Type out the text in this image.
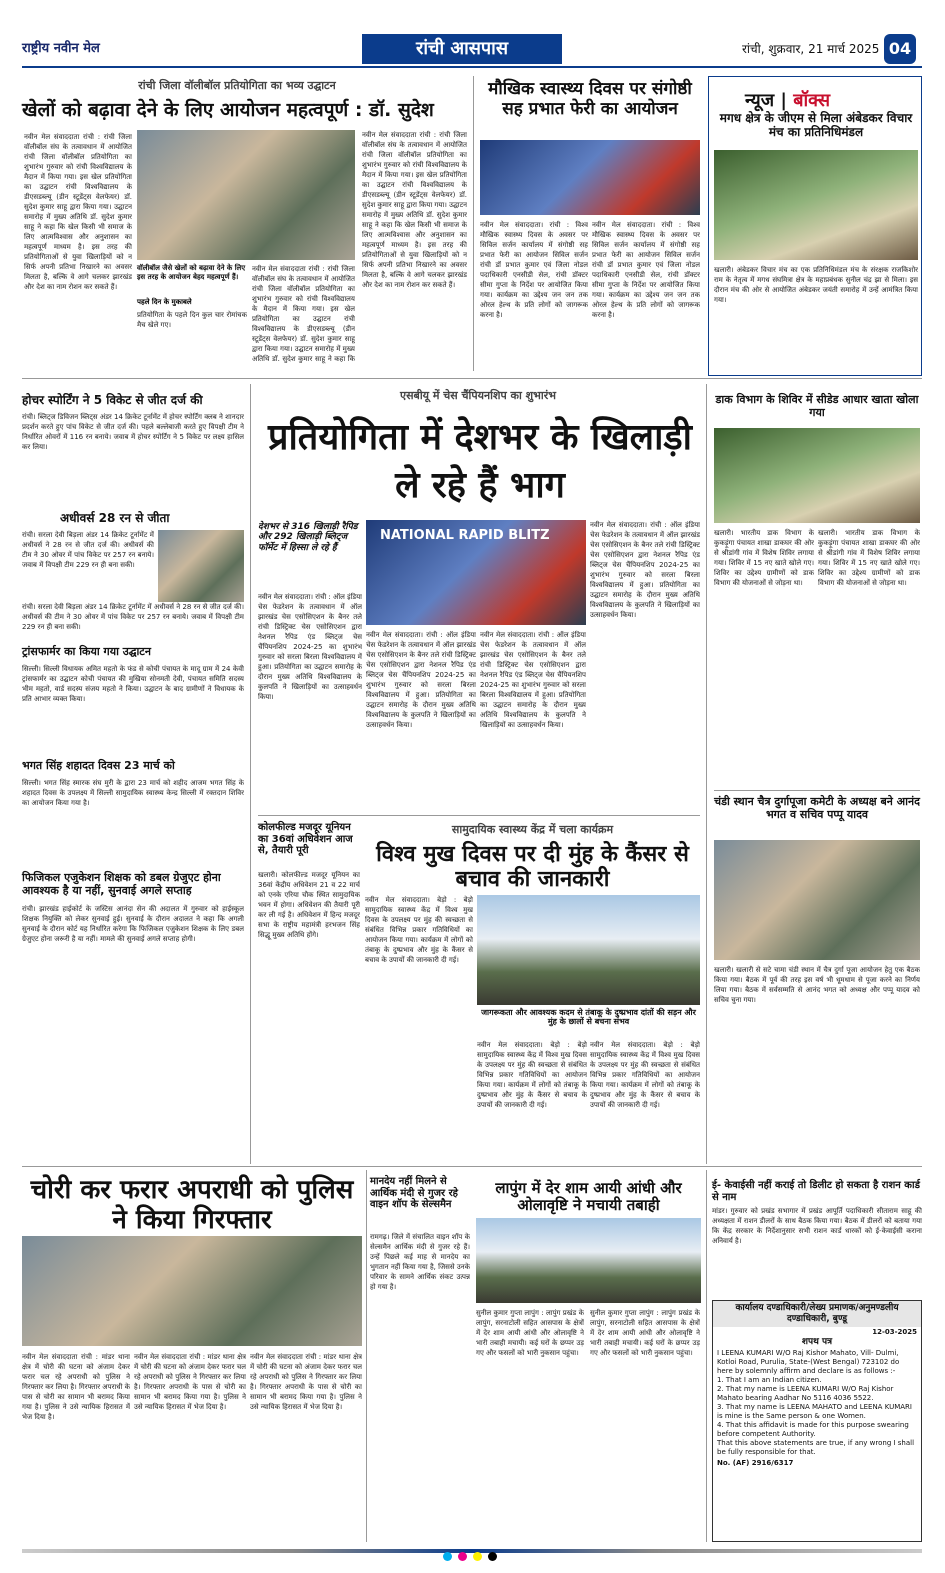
राष्ट्रीय नवीन मेल	रांची आसपास	रांची, शुक्रवार, 21 मार्च 2025 04
रांची जिला वॉलीबॉल प्रतियोगिता का भव्य उद्घाटन
खेलों को बढ़ावा देने के लिए आयोजन महत्वपूर्ण : डॉ. सुदेश
नवीन मेल संवाददाता रांची : रांची जिला वॉलीबॉल संघ के तत्वावधान में आयोजित रांची जिला वॉलीबॉल प्रतियोगिता का शुभारंभ गुरुवार को रांची विश्वविद्यालय के मैदान में किया गया। इस खेल प्रतियोगिता का उद्घाटन रांची विश्वविद्यालय के डीएसडब्ल्यू (डीन स्टूडेंट्स वेलफेयर) डॉ. सुदेश कुमार साहू द्वारा किया गया। उद्घाटन समारोह में मुख्य अतिथि डॉ. सुदेश कुमार साहू ने कहा कि खेल किसी भी समाज के लिए आत्मविश्वास और अनुशासन का महत्वपूर्ण माध्यम है। इस तरह की प्रतियोगिताओं से युवा खिलाड़ियों को न सिर्फ अपनी प्रतिभा निखारने का अवसर मिलता है, बल्कि वे आगे चलकर झारखंड और देश का नाम रोशन कर सकते हैं।
वॉलीबॉल जैसे खेलों को बढ़ावा देने के लिए इस तरह के आयोजन बेहद महत्वपूर्ण हैं।
पहले दिन के मुकाबले
प्रतियोगिता के पहले दिन कुल चार रोमांचक मैच खेले गए।
नवीन मेल संवाददाता रांची : रांची जिला वॉलीबॉल संघ के तत्वावधान में आयोजित रांची जिला वॉलीबॉल प्रतियोगिता का शुभारंभ गुरुवार को रांची विश्वविद्यालय के मैदान में किया गया। इस खेल प्रतियोगिता का उद्घाटन रांची विश्वविद्यालय के डीएसडब्ल्यू (डीन स्टूडेंट्स वेलफेयर) डॉ. सुदेश कुमार साहू द्वारा किया गया। उद्घाटन समारोह में मुख्य अतिथि डॉ. सुदेश कुमार साहू ने कहा कि
नवीन मेल संवाददाता रांची : रांची जिला वॉलीबॉल संघ के तत्वावधान में आयोजित रांची जिला वॉलीबॉल प्रतियोगिता का शुभारंभ गुरुवार को रांची विश्वविद्यालय के मैदान में किया गया। इस खेल प्रतियोगिता का उद्घाटन रांची विश्वविद्यालय के डीएसडब्ल्यू (डीन स्टूडेंट्स वेलफेयर) डॉ. सुदेश कुमार साहू द्वारा किया गया। उद्घाटन समारोह में मुख्य अतिथि डॉ. सुदेश कुमार साहू ने कहा कि खेल किसी भी समाज के लिए आत्मविश्वास और अनुशासन का महत्वपूर्ण माध्यम है। इस तरह की प्रतियोगिताओं से युवा खिलाड़ियों को न सिर्फ अपनी प्रतिभा निखारने का अवसर मिलता है, बल्कि वे आगे चलकर झारखंड और देश का नाम रोशन कर सकते हैं।
मौखिक स्वास्थ्य दिवस पर संगोष्ठी सह प्रभात फेरी का आयोजन
नवीन मेल संवाददाता। रांची : विश्व मौखिक स्वास्थ्य दिवस के अवसर पर सिविल सर्जन कार्यालय में संगोष्ठी सह प्रभात फेरी का आयोजन सिविल सर्जन रांची डॉ प्रभात कुमार एवं जिला नोडल पदाधिकारी एनसीडी सेल, रांची डॉक्टर सीमा गुप्ता के निर्देश पर आयोजित किया गया। कार्यक्रम का उद्देश्य जन जन तक ओरल हेल्थ के प्रति लोगों को जागरूक करना है।
नवीन मेल संवाददाता। रांची : विश्व मौखिक स्वास्थ्य दिवस के अवसर पर सिविल सर्जन कार्यालय में संगोष्ठी सह प्रभात फेरी का आयोजन सिविल सर्जन रांची डॉ प्रभात कुमार एवं जिला नोडल पदाधिकारी एनसीडी सेल, रांची डॉक्टर सीमा गुप्ता के निर्देश पर आयोजित किया गया। कार्यक्रम का उद्देश्य जन जन तक ओरल हेल्थ के प्रति लोगों को जागरूक करना है।
न्यूज | बॉक्स
मगध क्षेत्र के जीएम से मिला अंबेडकर विचार मंच का प्रतिनिधिमंडल
खलारी। अंबेडकर विचार मंच का एक प्रतिनिधिमंडल मंच के संरक्षक राजकिशोर राम के नेतृत्व में मगध संघमित्रा क्षेत्र के महाप्रबंधक सुनील चंद्र झा से मिला। इस दौरान मंच की ओर से आयोजित अंबेडकर जयंती समारोह में उन्हें आमंत्रित किया गया।
होचर स्पोर्टिंग ने 5 विकेट से जीत दर्ज की
रांची। ब्लिट्ज डिविजन ब्लिट्स अंडर 14 क्रिकेट टूर्नामेंट में होचर स्पोर्टिंग क्लब ने शानदार प्रदर्शन करते हुए पांच विकेट से जीत दर्ज की। पहले बल्लेबाजी करते हुए विपक्षी टीम ने निर्धारित ओवरों में 116 रन बनाये। जवाब में होचर स्पोर्टिंग ने 5 विकेट पर लक्ष्य हासिल कर लिया।
अधीवर्स 28 रन से जीता
रांची। सरला देवी बिड़ला अंडर 14 क्रिकेट टूर्नामेंट में अधीवर्स ने 28 रन से जीत दर्ज की। अधीवर्स की टीम ने 30 ओवर में पांच विकेट पर 257 रन बनाये। जवाब में विपक्षी टीम 229 रन ही बना सकी।
रांची। सरला देवी बिड़ला अंडर 14 क्रिकेट टूर्नामेंट में अधीवर्स ने 28 रन से जीत दर्ज की। अधीवर्स की टीम ने 30 ओवर में पांच विकेट पर 257 रन बनाये। जवाब में विपक्षी टीम 229 रन ही बना सकी।
ट्रांसफार्मर का किया गया उद्घाटन
सिल्ली। सिल्ली विधायक अमित महतो के फंड से कोची पंचायत के मादू ग्राम में 24 केवी ट्रांसफार्मर का उद्घाटन कोची पंचायत की मुखिया सोनमती देवी, पंचायत समिति सदस्य भीम महतो, वार्ड सदस्य संजय महतो ने किया। उद्घाटन के बाद ग्रामीणों ने विधायक के प्रति आभार व्यक्त किया।
भगत सिंह शहादत दिवस 23 मार्च को
सिल्ली। भगत सिंह स्मारक संघ मुरी के द्वारा 23 मार्च को शहीद आजम भगत सिंह के शहादत दिवस के उपलक्ष्य में सिल्ली सामुदायिक स्वास्थ्य केन्द्र सिल्ली में रक्तदान शिविर का आयोजन किया गया है।
फिजिकल एजुकेशन शिक्षक को डबल ग्रेजुएट होना आवश्यक है या नहीं, सुनवाई अगले सप्ताह
रांची। झारखंड हाईकोर्ट के जस्टिस आनंदा सेन की अदालत में गुरुवार को हाईस्कूल शिक्षक नियुक्ति को लेकर सुनवाई हुई। सुनवाई के दौरान अदालत ने कहा कि अगली सुनवाई के दौरान कोर्ट यह निर्धारित करेगा कि फिजिकल एजुकेशन शिक्षक के लिए डबल ग्रेजुएट होना जरूरी है या नहीं। मामले की सुनवाई अगले सप्ताह होगी।
एसबीयू में चेस चैंपियनशिप का शुभारंभ
प्रतियोगिता में देशभर के खिलाड़ी ले रहे हैं भाग
देशभर से 316 खिलाड़ी रैपिड और 292 खिलाड़ी ब्लिट्ज फॉर्मेट में हिस्सा ले रहे हैं
NATIONAL RAPID BLITZ
नवीन मेल संवाददाता। रांची : ऑल इंडिया चेस फेडरेशन के तत्वावधान में ऑल झारखंड चेस एसोसिएशन के बैनर तले रांची डिस्ट्रिक्ट चेस एसोसिएशन द्वारा नेशनल रैपिड एंड ब्लिट्ज चेस चैंपियनशिप 2024-25 का शुभारंभ गुरुवार को सरला बिरला विश्वविद्यालय में हुआ। प्रतियोगिता का उद्घाटन समारोह के दौरान मुख्य अतिथि विश्वविद्यालय के कुलपति ने खिलाड़ियों का उत्साहवर्धन किया।
नवीन मेल संवाददाता। रांची : ऑल इंडिया चेस फेडरेशन के तत्वावधान में ऑल झारखंड चेस एसोसिएशन के बैनर तले रांची डिस्ट्रिक्ट चेस एसोसिएशन द्वारा नेशनल रैपिड एंड ब्लिट्ज चेस चैंपियनशिप 2024-25 का शुभारंभ गुरुवार को सरला बिरला विश्वविद्यालय में हुआ। प्रतियोगिता का उद्घाटन समारोह के दौरान मुख्य अतिथि विश्वविद्यालय के कुलपति ने खिलाड़ियों का उत्साहवर्धन किया।
नवीन मेल संवाददाता। रांची : ऑल इंडिया चेस फेडरेशन के तत्वावधान में ऑल झारखंड चेस एसोसिएशन के बैनर तले रांची डिस्ट्रिक्ट चेस एसोसिएशन द्वारा नेशनल रैपिड एंड ब्लिट्ज चेस चैंपियनशिप 2024-25 का शुभारंभ गुरुवार को सरला बिरला विश्वविद्यालय में हुआ। प्रतियोगिता का उद्घाटन समारोह के दौरान मुख्य अतिथि विश्वविद्यालय के कुलपति ने खिलाड़ियों का उत्साहवर्धन किया।
नवीन मेल संवाददाता। रांची : ऑल इंडिया चेस फेडरेशन के तत्वावधान में ऑल झारखंड चेस एसोसिएशन के बैनर तले रांची डिस्ट्रिक्ट चेस एसोसिएशन द्वारा नेशनल रैपिड एंड ब्लिट्ज चेस चैंपियनशिप 2024-25 का शुभारंभ गुरुवार को सरला बिरला विश्वविद्यालय में हुआ। प्रतियोगिता का उद्घाटन समारोह के दौरान मुख्य अतिथि विश्वविद्यालय के कुलपति ने खिलाड़ियों का उत्साहवर्धन किया।
कोलफील्ड मजदूर यूनियन का 36वां अधिवेशन आज से, तैयारी पूरी
खलारी। कोलफील्ड मजदूर यूनियन का 36वां केंद्रीय अधिवेशन 21 व 22 मार्च को एनके एरिया चौक स्थित सामुदायिक भवन में होगा। अधिवेशन की तैयारी पूरी कर ली गई है। अधिवेशन में हिन्द मजदूर सभा के राष्ट्रीय महामंत्री हरभजन सिंह सिद्धू मुख्य अतिथि होंगे।
सामुदायिक स्वास्थ्य केंद्र में चला कार्यक्रम
विश्व मुख दिवस पर दी मुंह के कैंसर से बचाव की जानकारी
नवीन मेल संवाददाता। बेड़ो : बेड़ो सामुदायिक स्वास्थ्य केंद्र में विश्व मुख दिवस के उपलक्ष्य पर मुंह की स्वच्छता से संबंधित विभिन्न प्रकार गतिविधियों का आयोजन किया गया। कार्यक्रम में लोगों को तंबाकू के दुष्प्रभाव और मुंह के कैंसर से बचाव के उपायों की जानकारी दी गई।
जागरूकता और आवश्यक कदम से तंबाकू के दुष्प्रभाव दांतों की सड़न और मुंह के छालों से बचना संभव
नवीन मेल संवाददाता। बेड़ो : बेड़ो सामुदायिक स्वास्थ्य केंद्र में विश्व मुख दिवस के उपलक्ष्य पर मुंह की स्वच्छता से संबंधित विभिन्न प्रकार गतिविधियों का आयोजन किया गया। कार्यक्रम में लोगों को तंबाकू के दुष्प्रभाव और मुंह के कैंसर से बचाव के उपायों की जानकारी दी गई।
नवीन मेल संवाददाता। बेड़ो : बेड़ो सामुदायिक स्वास्थ्य केंद्र में विश्व मुख दिवस के उपलक्ष्य पर मुंह की स्वच्छता से संबंधित विभिन्न प्रकार गतिविधियों का आयोजन किया गया। कार्यक्रम में लोगों को तंबाकू के दुष्प्रभाव और मुंह के कैंसर से बचाव के उपायों की जानकारी दी गई।
डाक विभाग के शिविर में सीडेड आधार खाता खोला गया
खलारी। भारतीय डाक विभाग के कुकड़ूंगा पंचायत शाखा डाकघर की ओर से श्रीडांगी गांव में विशेष शिविर लगाया गया। शिविर में 15 नए खाते खोले गए। शिविर का उद्देश्य ग्रामीणों को डाक विभाग की योजनाओं से जोड़ना था।
खलारी। भारतीय डाक विभाग के कुकड़ूंगा पंचायत शाखा डाकघर की ओर से श्रीडांगी गांव में विशेष शिविर लगाया गया। शिविर में 15 नए खाते खोले गए। शिविर का उद्देश्य ग्रामीणों को डाक विभाग की योजनाओं से जोड़ना था।
चंडी स्थान चैत्र दुर्गापूजा कमेटी के अध्यक्ष बने आनंद भगत व सचिव पप्पू यादव
खलारी। खलारी से सटे चामा चंडी स्थान में चैत्र दुर्गा पूजा आयोजन हेतु एक बैठक किया गया। बैठक में पूर्व की तरह इस वर्ष भी धूमधाम से पूजा करने का निर्णय लिया गया। बैठक में सर्वसम्मति से आनंद भगत को अध्यक्ष और पप्पू यादव को सचिव चुना गया।
चोरी कर फरार अपराधी को पुलिस ने किया गिरफ्तार
नवीन मेल संवाददाता रांची : मांडर थाना क्षेत्र में चोरी की घटना को अंजाम देकर फरार चल रहे अपराधी को पुलिस ने गिरफ्तार कर लिया है। गिरफ्तार अपराधी के पास से चोरी का सामान भी बरामद किया गया है। पुलिस ने उसे न्यायिक हिरासत में भेज दिया है।
नवीन मेल संवाददाता रांची : मांडर थाना क्षेत्र में चोरी की घटना को अंजाम देकर फरार चल रहे अपराधी को पुलिस ने गिरफ्तार कर लिया है। गिरफ्तार अपराधी के पास से चोरी का सामान भी बरामद किया गया है। पुलिस ने उसे न्यायिक हिरासत में भेज दिया है।
नवीन मेल संवाददाता रांची : मांडर थाना क्षेत्र में चोरी की घटना को अंजाम देकर फरार चल रहे अपराधी को पुलिस ने गिरफ्तार कर लिया है। गिरफ्तार अपराधी के पास से चोरी का सामान भी बरामद किया गया है। पुलिस ने उसे न्यायिक हिरासत में भेज दिया है।
मानदेय नहीं मिलने से आर्थिक मंदी से गुजर रहे वाइन शॉप के सेल्समैन
रामगढ़। जिले में संचालित वाइन शॉप के सेल्समैन आर्थिक मंदी से गुजर रहे हैं। उन्हें पिछले कई माह से मानदेय का भुगतान नहीं किया गया है, जिससे उनके परिवार के सामने आर्थिक संकट उत्पन्न हो गया है।
लापुंग में देर शाम आयी आंधी और ओलावृष्टि ने मचायी तबाही
सुनील कुमार गुप्ता लापुंग : लापुंग प्रखंड के लापुंग, सरनाटोली सहित आसपास के क्षेत्रों में देर शाम आयी आंधी और ओलावृष्टि ने भारी तबाही मचायी। कई घरों के छप्पर उड़ गए और फसलों को भारी नुकसान पहुंचा।
सुनील कुमार गुप्ता लापुंग : लापुंग प्रखंड के लापुंग, सरनाटोली सहित आसपास के क्षेत्रों में देर शाम आयी आंधी और ओलावृष्टि ने भारी तबाही मचायी। कई घरों के छप्पर उड़ गए और फसलों को भारी नुकसान पहुंचा।
ई- केवाईसी नहीं कराई तो डिलीट हो सकता है राशन कार्ड से नाम
मांडर। गुरुवार को प्रखंड सभागार में प्रखंड आपूर्ति पदाधिकारी सीताराम साहू की अध्यक्षता में राशन डीलरों के साथ बैठक किया गया। बैठक में डीलरों को बताया गया कि केंद्र सरकार के निर्देशानुसार सभी राशन कार्ड धारकों को ई-केवाईसी कराना अनिवार्य है।
कार्यालय दण्डाधिकारी/लेख्य प्रमाणक/अनुमण्डलीय दण्डाधिकारी, बुण्डू
12-03-2025
शपथ पत्र
I LEENA KUMARI W/O Raj Kishor Mahato, Vill- Dulmi, Kotloi Road, Purulia, State-(West Bengal) 723102 do here by solemnly affirm and declare is as follows :-
1. That I am an Indian citizen.
2. That my name is LEENA KUMARI W/O Raj Kishor Mahato bearing Aadhar No 5116 4036 5522.
3. That my name is LEENA MAHATO and LEENA KUMARI is mine is the Same person & one Women.
4. That this affidavit is made for this purpose swearing before competent Authority.
That this above statements are true, if any wrong I shall be fully responsible for that.
No. (AF) 2916/6317
